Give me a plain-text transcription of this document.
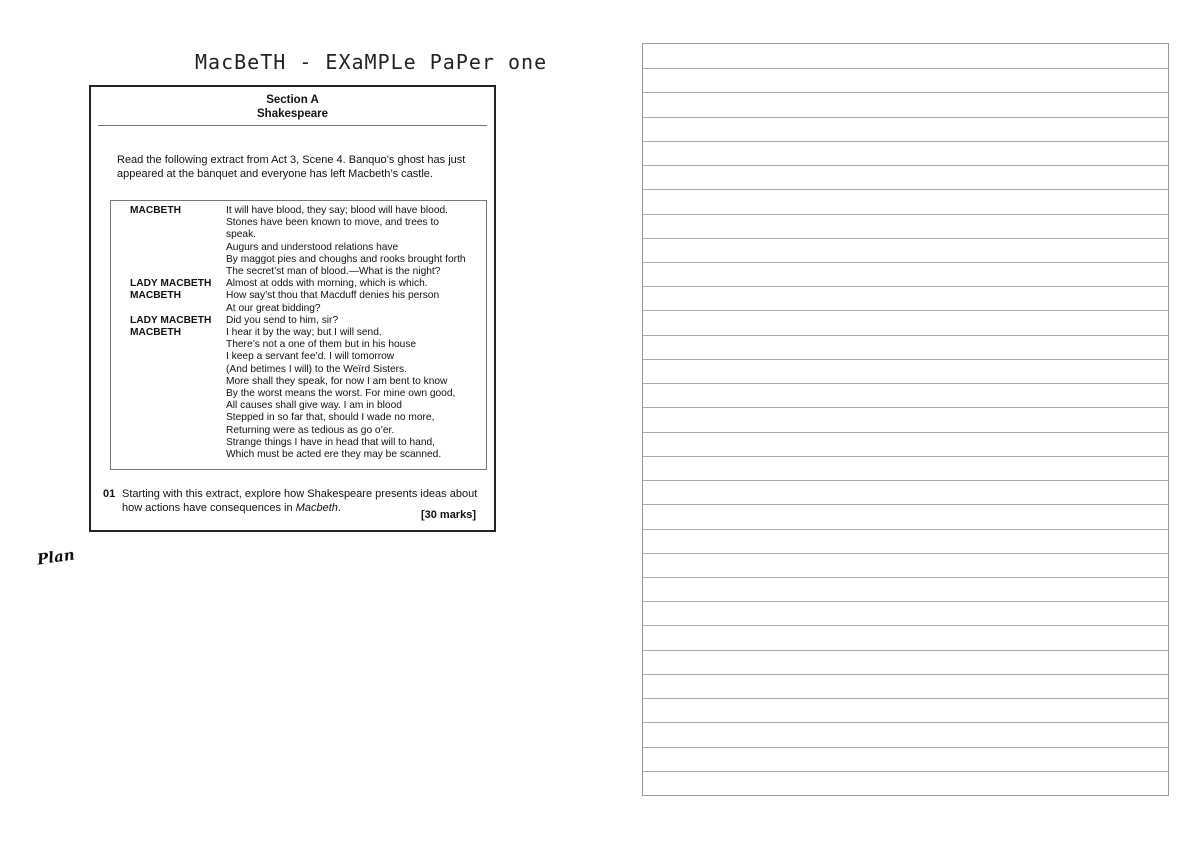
MacBeTH - EXaMPLe PaPer one
Section A
Shakespeare
Read the following extract from Act 3, Scene 4. Banquo’s ghost has just appeared at the banquet and everyone has left Macbeth’s castle.
It will have blood, they say; blood will have blood.
Stones have been known to move, and trees to
speak.
Augurs and understood relations have
By maggot pies and choughs and rooks brought forth
The secret’st man of blood.—What is the night?
Almost at odds with morning, which is which.
How say’st thou that Macduff denies his person
At our great bidding?
Did you send to him, sir?
I hear it by the way; but I will send.
There’s not a one of them but in his house
I keep a servant fee’d. I will tomorrow
(And betimes I will) to the Weïrd Sisters.
More shall they speak, for now I am bent to know
By the worst means the worst. For mine own good,
All causes shall give way. I am in blood
Stepped in so far that, should I wade no more,
Returning were as tedious as go o’er.
Strange things I have in head that will to hand,
Which must be acted ere they may be scanned.
MACBETH
LADY MACBETH
MACBETH
LADY MACBETH
MACBETH
01 Starting with this extract, explore how Shakespeare presents ideas about how actions have consequences in Macbeth.
[30 marks]
Plan
